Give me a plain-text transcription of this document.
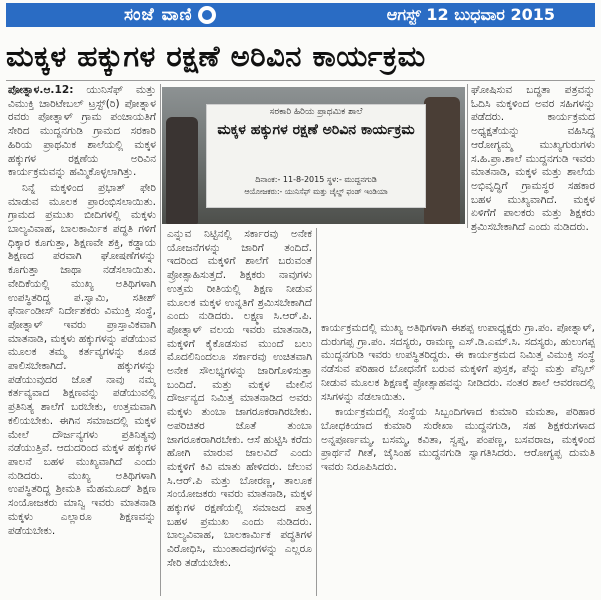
ಸಂಜೆ ವಾಣಿ	ಆಗಸ್ಟ್ 12 ಬುಧವಾರ 2015
ಮಕ್ಕಳ ಹಕ್ಕುಗಳ ರಕ್ಷಣೆ ಅರಿವಿನ ಕಾರ್ಯಕ್ರಮ

ಪೋತ್ನಾಳ.ಆ.12: ಯುನಿಸೆಫ್ ಮತ್ತು ವಿಮುಕ್ತಿ ಚಾರಿಟೇಬಲ್ ಟ್ರಸ್ಟ್(ರಿ) ಪೋತ್ನಾಳ ರವರು ಪೋತ್ನಾಳ್ ಗ್ರಾಮ ಪಂಚಾಯತಿಗೆ ಸೇರಿದ ಮುದ್ದನಗುಡಿ ಗ್ರಾಮದ ಸರಕಾರಿ ಹಿರಿಯ ಪ್ರಾಥಮಿಕ ಶಾಲೆಯಲ್ಲಿ ಮಕ್ಕಳ ಹಕ್ಕುಗಳ ರಕ್ಷಣೆಯ ಅರಿವಿನ ಕಾರ್ಯಕ್ರಮವನ್ನು ಹಮ್ಮಿಕೊಳ್ಳಲಾಗಿತ್ತು.

ನಿನ್ನೆ ಮಕ್ಕಳಿಂದ ಪ್ರಭಾತ್ ಫೇರಿ ಮಾಡುವ ಮೂಲಕ ಪ್ರಾರಂಭಿಸಲಾಯಿತು. ಗ್ರಾಮದ ಪ್ರಮುಖ ಬೀದಿಗಳಲ್ಲಿ ಮಕ್ಕಳು ಬಾಲ್ಯವಿವಾಹ, ಬಾಲಕಾರ್ಮಿಕ ಪದ್ಧತಿ ಗಳಿಗೆ ಧಿಕ್ಕಾರ ಕೂಗುತ್ತಾ, ಶಿಕ್ಷಣವೇ ಶಕ್ತಿ, ಕಡ್ಡಾಯ ಶಿಕ್ಷಣದ ಪರವಾಗಿ ಘೋಷಣೆಗಳನ್ನು ಕೂಗುತ್ತಾ ಜಾಥಾ ನಡೆಸಲಾಯಿತು. ವೇದಿಕೆಯಲ್ಲಿ ಮುಖ್ಯ ಅತಿಥಿಗಳಾಗಿ ಉಪಸ್ಥಿತರಿದ್ದ ಪ.ಸ್ವಾಮಿ, ಸತೀಶ್ ಫೆರ್ನಾಂಡೀಸ್ ನಿರ್ದೇಶಕರು ವಿಮುಕ್ತಿ ಸಂಸ್ಥೆ, ಪೋತ್ನಾಳ್ ಇವರು ಪ್ರಾಸ್ತಾವಿಕವಾಗಿ ಮಾತನಾಡಿ, ಮಕ್ಕಳು ಹಕ್ಕುಗಳನ್ನು ಪಡೆಯುವ ಮೂಲಕ ತಮ್ಮ ಕರ್ತವ್ಯಗಳನ್ನು ಕೂಡ ಪಾಲಿಸಬೇಕಾಗಿದೆ. ಹಕ್ಕುಗಳನ್ನು ಪಡೆಯುವುದರ ಜೊತೆ ನಾವು ನಮ್ಮ ಕರ್ತವ್ಯವಾದ ಶಿಕ್ಷಣವನ್ನು ಪಡೆಯುವಲ್ಲಿ ಪ್ರತಿನಿತ್ಯ ಶಾಲೆಗೆ ಬರಬೇಕು, ಉತ್ತಮವಾಗಿ ಕಲಿಯಬೇಕು. ಈಗಿನ ಸಮಾಜದಲ್ಲಿ ಮಕ್ಕಳ ಮೇಲೆ ದೌರ್ಜನ್ಯಗಳು ಪ್ರತಿನಿತ್ಯವು ನಡೆಯುತ್ತಿವೆ. ಆದುದರಿಂದ ಮಕ್ಕಳ ಹಕ್ಕುಗಳ ಪಾಲನೆ ಬಹಳ ಮುಖ್ಯವಾಗಿದೆ ಎಂದು ನುಡಿದರು. ಮುಖ್ಯ ಅತಿಥಿಗಳಾಗಿ ಉಪಸ್ಥಿತರಿದ್ದ ಶ್ರೀಮತಿ ಮೆಹಮೂದ್ ಶಿಕ್ಷಣ ಸಂಯೋಜಕರು ಮಾನ್ವಿ ಇವರು ಮಾತನಾಡಿ ಮಕ್ಕಳು ಎಲ್ಲಾರೂ ಶಿಕ್ಷಣವನ್ನು ಪಡೆಯಬೇಕು.

ಸರಕಾರಿ ಹಿರಿಯ ಪ್ರಾಥಮಿಕ ಶಾಲೆ
ಮಕ್ಕಳ ಹಕ್ಕುಗಳ ರಕ್ಷಣೆ ಅರಿವಿನ ಕಾರ್ಯಕ್ರಮ
ದಿನಾಂಕ:- 11-8-2015 ಸ್ಥಳ:- ಮುದ್ದನಗುಡಿ
ಆಯೋಜಕರು:- ಯುನಿಸೆಫ್ ಮತ್ತು ಚೈಲ್ಡ್ ಫಂಡ್ ಇಂಡಿಯಾ

ಎನ್ನುವ ನಿಟ್ಟಿನಲ್ಲಿ ಸರ್ಕಾರವು ಅನೇಕ ಯೋಜನೆಗಳನ್ನು ಜಾರಿಗೆ ತಂದಿದೆ. ಇದರಿಂದ ಮಕ್ಕಳಿಗೆ ಶಾಲೆಗೆ ಬರುವಂತೆ ಪ್ರೋತ್ಸಾಹಿಸುತ್ತದೆ. ಶಿಕ್ಷಕರು ನಾವುಗಳು ಉತ್ತಮ ರೀತಿಯಲ್ಲಿ ಶಿಕ್ಷಣ ನೀಡುವ ಮೂಲಕ ಮಕ್ಕಳ ಉನ್ನತಿಗೆ ಶ್ರಮಿಸಬೇಕಾಗಿದೆ ಎಂದು ನುಡಿದರು. ಲಕ್ಷ್ಮಣ ಸಿ.ಆರ್.ಪಿ. ಪೋತ್ನಾಳ್ ವಲಯ ಇವರು ಮಾತನಾಡಿ, ಮಕ್ಕಳಿಗೆ ಕೈಕೊಡಸುವ ಮುಂದೆ ಬಲು ಮೊದಲಿನಿಂದಲೂ ಸರ್ಕಾರವು ಉಚಿತವಾಗಿ ಅನೇಕ ಸೌಲಭ್ಯಗಳನ್ನು ಜಾರಿಗೊಳಿಸುತ್ತಾ ಬಂದಿದೆ. ಮತ್ತು ಮಕ್ಕಳ ಮೇಲಿನ ದೌರ್ಜನ್ಯದ ನಿಮಿತ್ತ ಮಾತನಾಡಿದ ಅವರು ಮಕ್ಕಳು ತುಂಬಾ ಜಾಗರೂಕರಾಗಿರಬೇಕು. ಅಪರಿಚಿತರ ಜೊತೆ ತುಂಬಾ ಜಾಗರೂಕರಾಗಿರಬೇಕು. ಆಸೆ ಹುಟ್ಟಿಸಿ ಕರೆದು ಹೋಗಿ ಮಾರುವ ಜಾಲವಿದೆ ಎಂದು ಮಕ್ಕಳಿಗೆ ಕಿವಿ ಮಾತು ಹೇಳಿದರು. ಚೆಲುವ ಸಿ.ಆರ್.ಪಿ ಮತ್ತು ಬೋರಣ್ಣ, ತಾಲೂಕ ಸಂಯೋಜಕರು ಇವರು ಮಾತನಾಡಿ, ಮಕ್ಕಳ ಹಕ್ಕುಗಳ ರಕ್ಷಣೆಯಲ್ಲಿ ಸಮಾಜದ ಪಾತ್ರ ಬಹಳ ಪ್ರಮುಖ ಎಂದು ನುಡಿದರು. ಬಾಲ್ಯವಿವಾಹ, ಬಾಲಕಾರ್ಮಿಕ ಪದ್ಧತಿಗಳ ವಿರೋಧಿಸಿ, ಮುಂತಾದವುಗಳನ್ನು ಎಲ್ಲರೂ ಸೇರಿ ತಡೆಯಬೇಕು.

ಘೋಷಿಸುವ ಬದ್ಧತಾ ಪತ್ರವನ್ನು ಓದಿಸಿ ಮಕ್ಕಳಿಂದ ಅವರ ಸಹಿಗಳನ್ನು ಪಡೆದರು. ಕಾರ್ಯಕ್ರಮದ ಅಧ್ಯಕ್ಷತೆಯನ್ನು ವಹಿಸಿದ್ದ ಆರೋಗ್ಯಮ್ಮ ಮುಖ್ಯಗುರುಗಳು ಸ.ಹಿ.ಪ್ರಾ.ಶಾಲೆ ಮುದ್ದನಗುಡಿ ಇವರು ಮಾತನಾಡಿ, ಮಕ್ಕಳ ಮತ್ತು ಶಾಲೆಯ ಅಭಿವೃದ್ಧಿಗೆ ಗ್ರಾಮಸ್ಥರ ಸಹಕಾರ ಬಹಳ ಮುಖ್ಯವಾಗಿದೆ. ಮಕ್ಕಳ ಏಳಿಗೆಗೆ ಪಾಲಕರು ಮತ್ತು ಶಿಕ್ಷಕರು ಶ್ರಮಿಸಬೇಕಾಗಿದೆ ಎಂದು ನುಡಿದರು.

ಕಾರ್ಯಕ್ರಮದಲ್ಲಿ ಮುಖ್ಯ ಅತಿಥಿಗಳಾಗಿ ಈಶಪ್ಪ ಉಪಾಧ್ಯಕ್ಷರು ಗ್ರಾ.ಪಂ. ಪೋತ್ನಾಳ್, ದುರುಗಪ್ಪ ಗ್ರಾ.ಪಂ. ಸದಸ್ಯರು, ರಾಮಣ್ಣ ಎಸ್.ಡಿ.ಎಮ್.ಸಿ. ಸದಸ್ಯರು, ಹುಲುಗಪ್ಪ ಮುದ್ದನಗುಡಿ ಇವರು ಉಪಸ್ಥಿತರಿದ್ದರು. ಈ ಕಾರ್ಯಕ್ರಮದ ನಿಮಿತ್ತ ವಿಮುಕ್ತಿ ಸಂಸ್ಥೆ ನಡೆಸುವ ಪರಿಹಾರ ಬೋಧನೆಗೆ ಬರುವ ಮಕ್ಕಳಿಗೆ ಪುಸ್ತಕ, ಪೆನ್ನು ಮತ್ತು ಪೆನ್ಸಿಲ್ ನೀಡುವ ಮೂಲಕ ಶಿಕ್ಷಣಕ್ಕೆ ಪ್ರೋತ್ಸಾಹವನ್ನು ನೀಡಿದರು. ನಂತರ ಶಾಲೆ ಆವರಣದಲ್ಲಿ ಸಸಿಗಳನ್ನು ನೆಡಲಾಯಿತು.

ಕಾರ್ಯಕ್ರಮದಲ್ಲಿ ಸಂಸ್ಥೆಯ ಸಿಬ್ಬಂದಿಗಳಾದ ಕುಮಾರಿ ಮಮತಾ, ಪರಿಹಾರ ಬೋಧಕಿಯಾದ ಕುಮಾರಿ ಸುರೇಖಾ ಮುದ್ದನಗುಡಿ, ಸಹ ಶಿಕ್ಷಕರುಗಳಾದ ಅನ್ನಪೂರ್ಣಮ್ಮ, ಬಸಮ್ಮ, ಕವಿತಾ, ಸ್ವಪ್ನ, ಪಂಪಣ್ಣ, ಬಸವರಾಜ, ಮಕ್ಕಳಿಂದ ಪ್ರಾರ್ಥನೆ ಗೀತೆ, ಜೈಸಿಂಹ ಮುದ್ದನಗುಡಿ ಸ್ವಾಗತಿಸಿದರು. ಆರೋಗ್ಯಪ್ಪ ದುಮತಿ ಇವರು ನಿರೂಪಿಸಿದರು.
